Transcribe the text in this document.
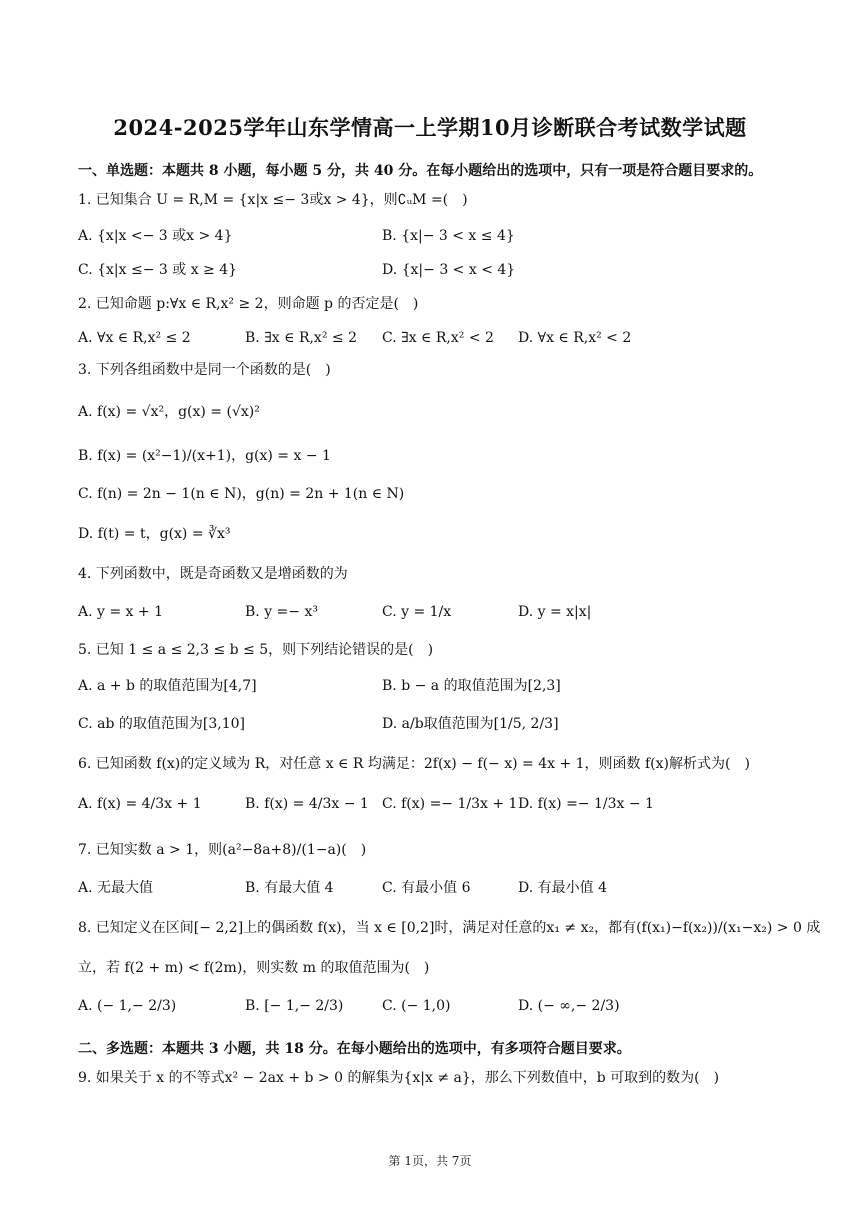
2024-2025学年山东学情高一上学期10月诊断联合考试数学试题
一、单选题：本题共 8 小题，每小题 5 分，共 40 分。在每小题给出的选项中，只有一项是符合题目要求的。
1. 已知集合 U = R,M = {x|x ≤− 3或x > 4}，则∁ᵤM =(　)
A. {x|x <− 3 或x > 4}	B. {x|− 3 < x ≤ 4}
C. {x|x ≤− 3 或 x ≥ 4}	D. {x|− 3 < x < 4}
2. 已知命题 p:∀x ∈ R,x² ≥ 2，则命题 p 的否定是(　)
A. ∀x ∈ R,x² ≤ 2	B. ∃x ∈ R,x² ≤ 2 C. ∃x ∈ R,x² < 2 D. ∀x ∈ R,x² < 2
3. 下列各组函数中是同一个函数的是(　)
A. f(x) = √x²，g(x) = (√x)²
B. f(x) = (x²−1)/(x+1)，g(x) = x − 1
C. f(n) = 2n − 1(n ∈ N)，g(n) = 2n + 1(n ∈ N)
D. f(t) = t，g(x) = ∛x³
4. 下列函数中，既是奇函数又是增函数的为
A. y = x + 1	B. y =− x³	C. y = 1/x	D. y = x|x|
5. 已知 1 ≤ a ≤ 2,3 ≤ b ≤ 5，则下列结论错误的是(　)
A. a + b 的取值范围为[4,7]	B. b − a 的取值范围为[2,3]
C. ab 的取值范围为[3,10]	D. a/b取值范围为[1/5, 2/3]
6. 已知函数 f(x)的定义域为 R，对任意 x ∈ R 均满足：2f(x) − f(− x) = 4x + 1，则函数 f(x)解析式为(　)
A. f(x) = 4/3x + 1	B. f(x) = 4/3x − 1 C. f(x) =− 1/3x + 1 D. f(x) =− 1/3x − 1
7. 已知实数 a > 1，则(a²−8a+8)/(1−a)(　)
A. 无最大值	B. 有最大值 4	C. 有最小值 6	D. 有最小值 4
8. 已知定义在区间[− 2,2]上的偶函数 f(x)，当 x ∈ [0,2]时，满足对任意的x₁ ≠ x₂，都有(f(x₁)−f(x₂))/(x₁−x₂) > 0 成
立，若 f(2 + m) < f(2m)，则实数 m 的取值范围为(　)
A. (− 1,− 2/3)	B. [− 1,− 2/3)	C. (− 1,0)	D. (− ∞,− 2/3)
二、多选题：本题共 3 小题，共 18 分。在每小题给出的选项中，有多项符合题目要求。
9. 如果关于 x 的不等式x² − 2ax + b > 0 的解集为{x|x ≠ a}，那么下列数值中，b 可取到的数为(　)
第 1页，共 7页
